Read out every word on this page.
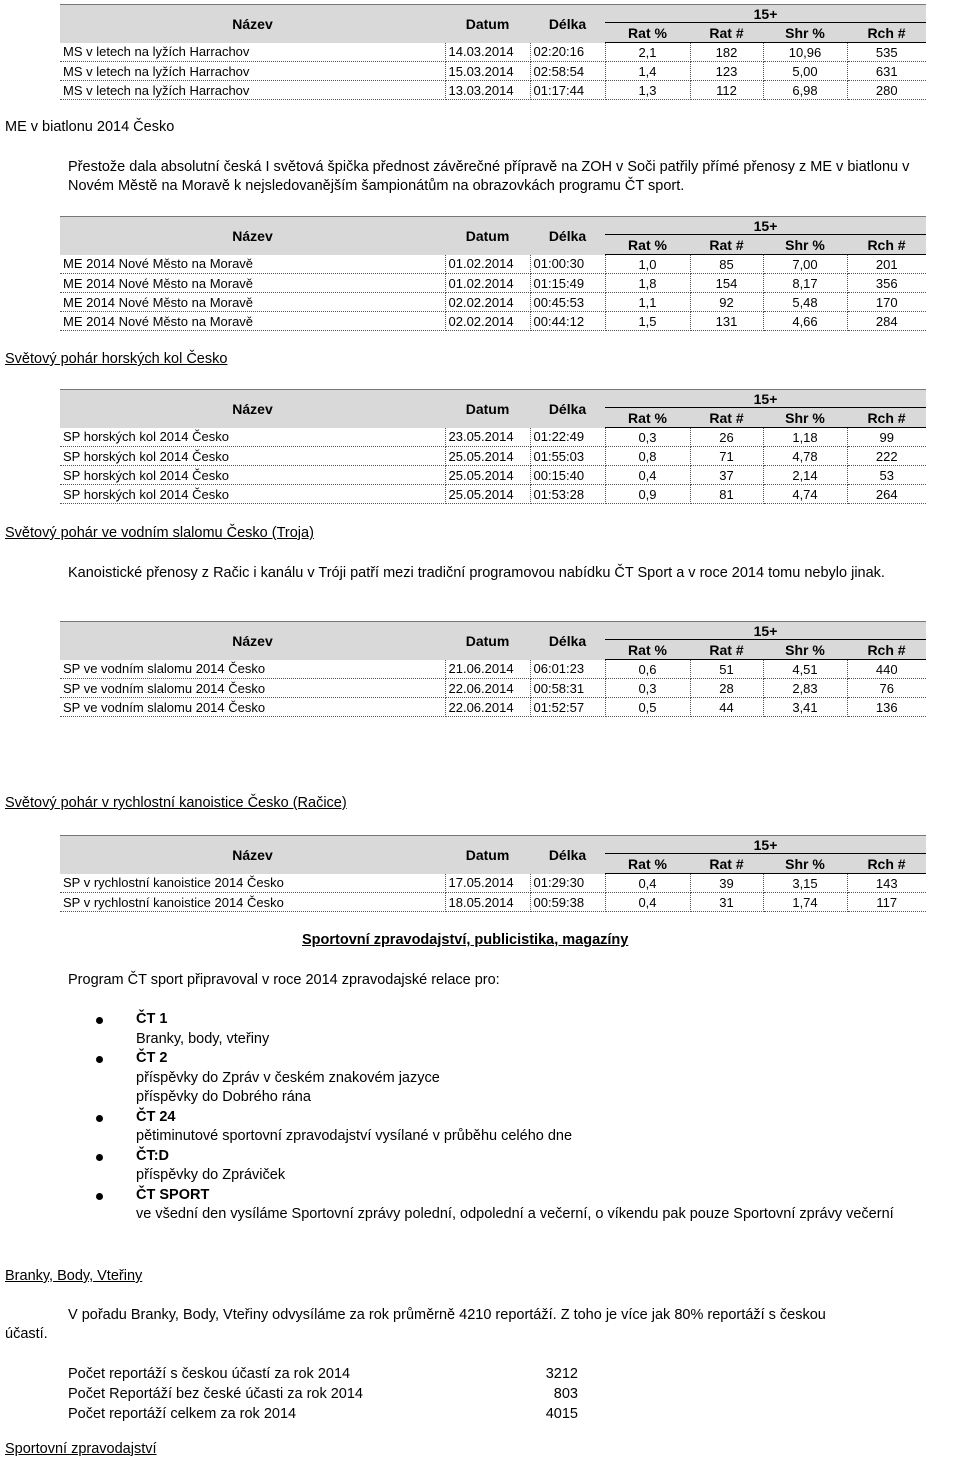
Název	Datum	Délka	15+			
			Rat %	Rat #	Shr %	Rch #
MS v letech na lyžích Harrachov	14.03.2014	02:20:16	2,1	182	10,96	535
MS v letech na lyžích Harrachov	15.03.2014	02:58:54	1,4	123	5,00	631
MS v letech na lyžích Harrachov	13.03.2014	01:17:44	1,3	112	6,98	280
ME v biatlonu 2014 Česko
Přestože dala absolutní česká I světová špička přednost závěrečné přípravě na ZOH v Soči patřily přímé přenosy z ME v biatlonu v Novém Městě na Moravě k nejsledovanějším šampionátům na obrazovkách programu ČT sport.
Název	Datum	Délka	15+			
			Rat %	Rat #	Shr %	Rch #
ME 2014 Nové Město na Moravě	01.02.2014	01:00:30	1,0	85	7,00	201
ME 2014 Nové Město na Moravě	01.02.2014	01:15:49	1,8	154	8,17	356
ME 2014 Nové Město na Moravě	02.02.2014	00:45:53	1,1	92	5,48	170
ME 2014 Nové Město na Moravě	02.02.2014	00:44:12	1,5	131	4,66	284
Světový pohár horských kol Česko
Název	Datum	Délka	15+			
			Rat %	Rat #	Shr %	Rch #
SP horských kol 2014 Česko	23.05.2014	01:22:49	0,3	26	1,18	99
SP horských kol 2014 Česko	25.05.2014	01:55:03	0,8	71	4,78	222
SP horských kol 2014 Česko	25.05.2014	00:15:40	0,4	37	2,14	53
SP horských kol 2014 Česko	25.05.2014	01:53:28	0,9	81	4,74	264
Světový pohár ve vodním slalomu Česko (Troja)
Kanoistické přenosy z Račic i kanálu v Tróji patří mezi tradiční programovou nabídku ČT Sport a v roce 2014 tomu nebylo jinak.
Název	Datum	Délka	15+			
			Rat %	Rat #	Shr %	Rch #
SP ve vodním slalomu 2014 Česko	21.06.2014	06:01:23	0,6	51	4,51	440
SP ve vodním slalomu 2014 Česko	22.06.2014	00:58:31	0,3	28	2,83	76
SP ve vodním slalomu 2014 Česko	22.06.2014	01:52:57	0,5	44	3,41	136
Světový pohár v rychlostní kanoistice Česko (Račice)
Název	Datum	Délka	15+			
			Rat %	Rat #	Shr %	Rch #
SP v rychlostní kanoistice 2014 Česko	17.05.2014	01:29:30	0,4	39	3,15	143
SP v rychlostní kanoistice 2014 Česko	18.05.2014	00:59:38	0,4	31	1,74	117
Sportovní zpravodajství, publicistika, magazíny
Program ČT sport připravoval v roce 2014 zpravodajské relace pro:
ČT 1
Branky, body, vteřiny
ČT 2
příspěvky do Zpráv v českém znakovém jazyce
příspěvky do Dobrého rána
ČT 24
pětiminutové sportovní zpravodajství vysílané v průběhu celého dne
ČT:D
příspěvky do Zpráviček
ČT SPORT
ve všední den vysíláme Sportovní zprávy polední, odpolední a večerní, o víkendu pak pouze Sportovní zprávy večerní
Branky, Body, Vteřiny
V pořadu Branky, Body, Vteřiny odvysíláme za rok průměrně 4210 reportáží. Z toho je více jak 80% reportáží s českou
účastí.
Počet reportáží s českou účastí za rok 2014	3212
Počet Reportáží bez české účasti za rok 2014	803
Počet reportáží celkem za rok 2014	4015
Sportovní zpravodajství
